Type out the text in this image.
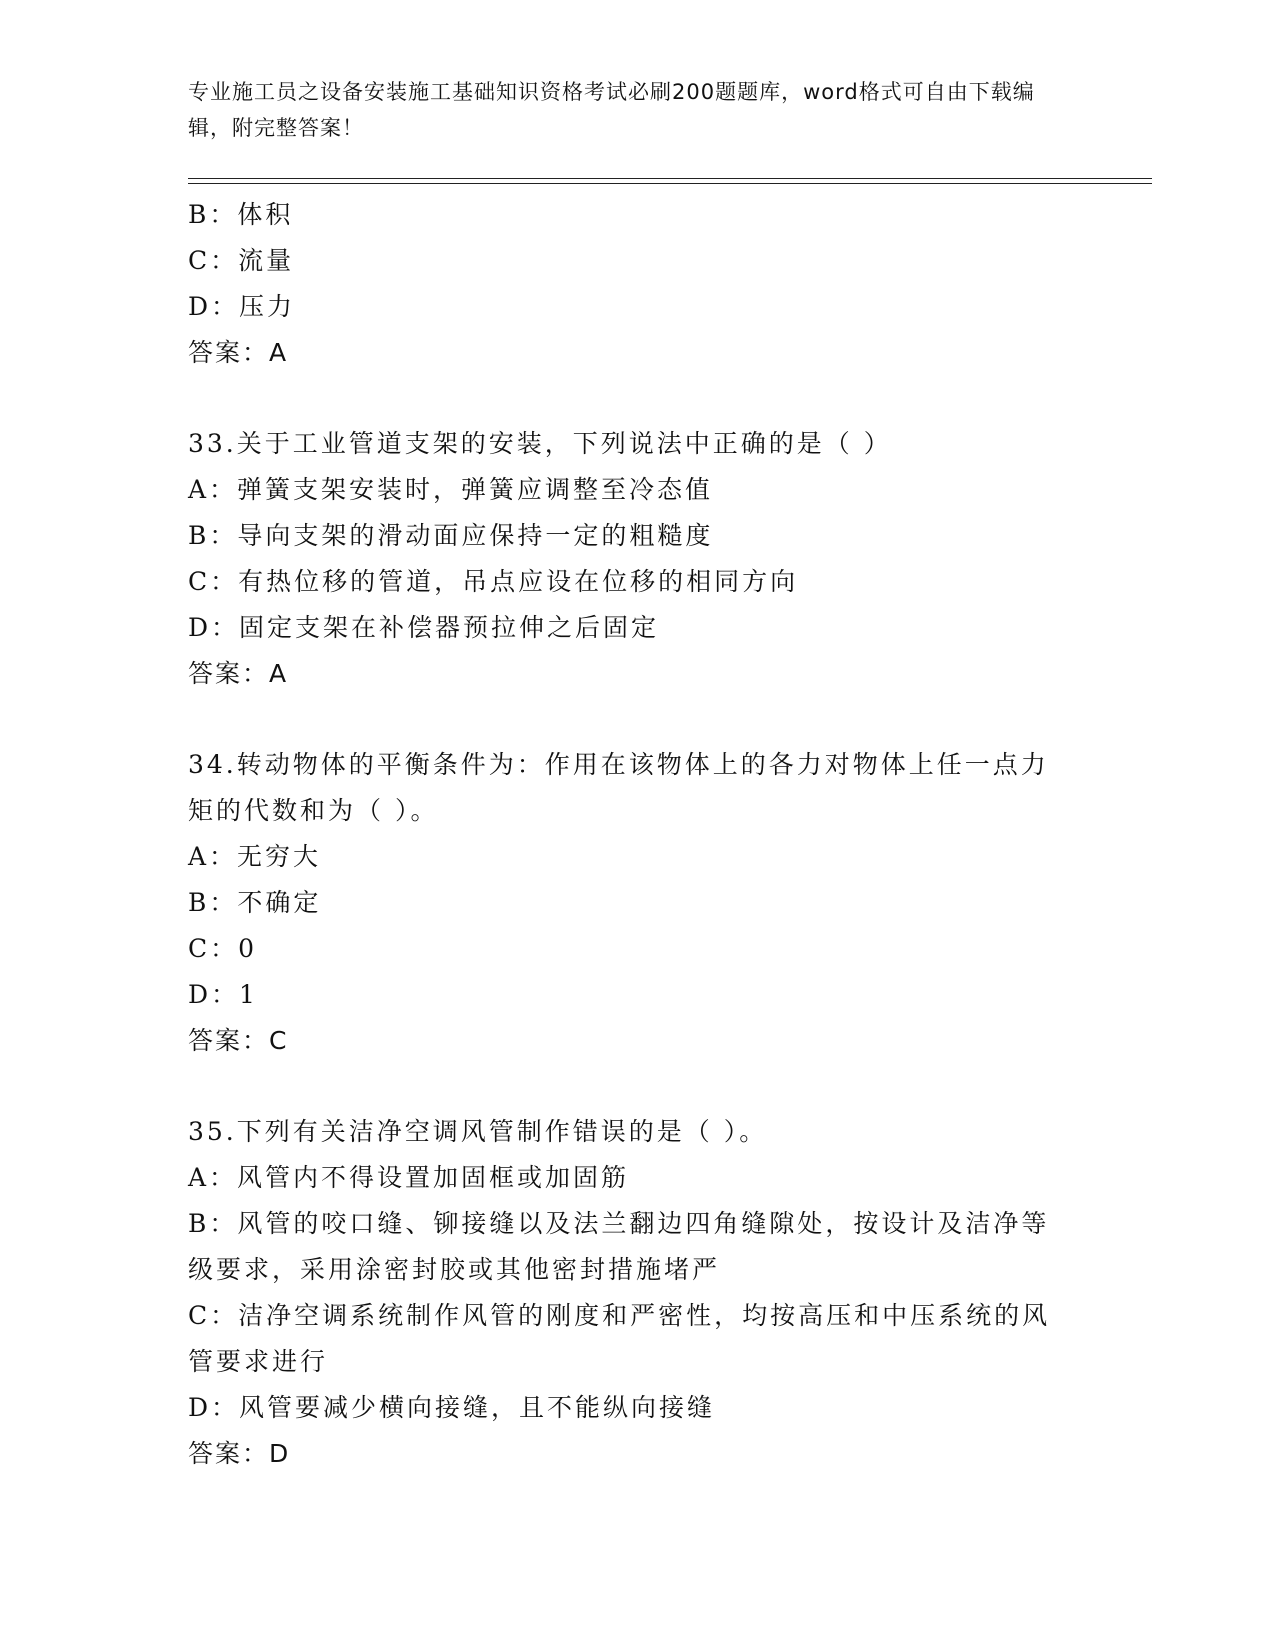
专业施工员之设备安装施工基础知识资格考试必刷200题题库，word格式可自由下载编辑，附完整答案！
B：体积
C：流量
D：压力
答案：A
33.关于工业管道支架的安装，下列说法中正确的是（ ）
A：弹簧支架安装时，弹簧应调整至冷态值
B：导向支架的滑动面应保持一定的粗糙度
C：有热位移的管道，吊点应设在位移的相同方向
D：固定支架在补偿器预拉伸之后固定
答案：A
34.转动物体的平衡条件为：作用在该物体上的各力对物体上任一点力矩的代数和为（ ）。
A：无穷大
B：不确定
C：0
D：1
答案：C
35.下列有关洁净空调风管制作错误的是（ ）。
A：风管内不得设置加固框或加固筋
B：风管的咬口缝、铆接缝以及法兰翻边四角缝隙处，按设计及洁净等级要求，采用涂密封胶或其他密封措施堵严
C：洁净空调系统制作风管的刚度和严密性，均按高压和中压系统的风管要求进行
D：风管要减少横向接缝，且不能纵向接缝
答案：D
